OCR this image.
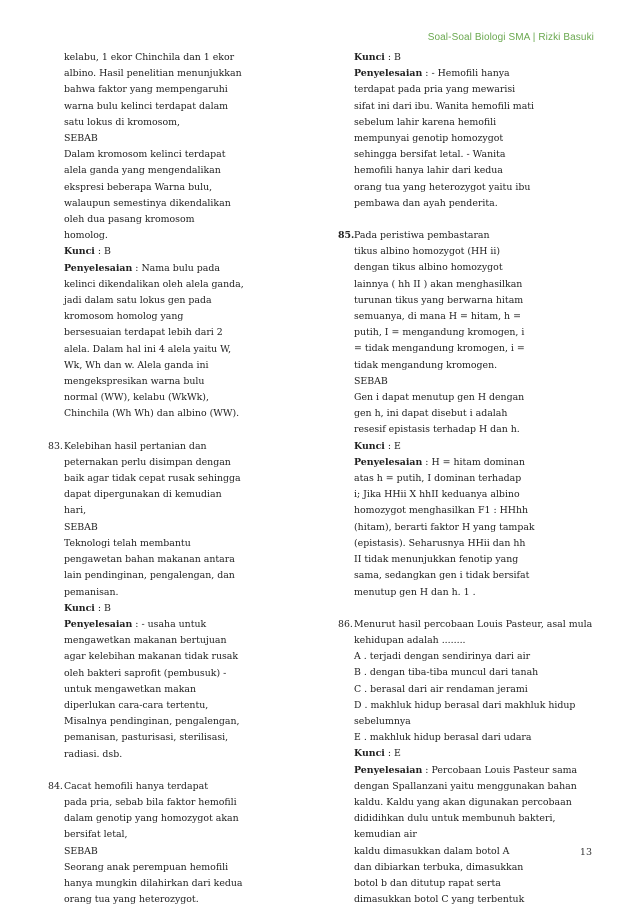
Soal-Soal Biologi SMA | Rizki Basuki
kelabu, 1 ekor Chinchila dan 1 ekor
albino. Hasil penelitian menunjukkan
bahwa faktor yang mempengaruhi
warna bulu kelinci terdapat dalam
satu lokus di kromosom,
SEBAB
Dalam kromosom kelinci terdapat
alela ganda yang mengendalikan
ekspresi beberapa Warna bulu,
walaupun semestinya dikendalikan
oleh dua pasang kromosom
homolog.
Kunci : B
Penyelesaian : Nama bulu pada
kelinci dikendalikan oleh alela ganda,
jadi dalam satu lokus gen pada
kromosom homolog yang
bersesuaian terdapat lebih dari 2
alela. Dalam hal ini 4 alela yaitu W,
Wk, Wh dan w. Alela ganda ini
mengekspresikan warna bulu
normal (WW), kelabu (WkWk),
Chinchila (Wh Wh) dan albino (WW).
83. Kelebihan hasil pertanian dan
peternakan perlu disimpan dengan
baik agar tidak cepat rusak sehingga
dapat dipergunakan di kemudian
hari,
SEBAB
Teknologi telah membantu
pengawetan bahan makanan antara
lain pendinginan, pengalengan, dan
pemanisan.
Kunci : B
Penyelesaian : - usaha untuk
mengawetkan makanan bertujuan
agar kelebihan makanan tidak rusak
oleh bakteri saprofit (pembusuk) -
untuk mengawetkan makan
diperlukan cara-cara tertentu,
Misalnya pendinginan, pengalengan,
pemanisan, pasturisasi, sterilisasi,
radiasi. dsb.
84. Cacat hemofili hanya terdapat
pada pria, sebab bila faktor hemofili
dalam genotip yang homozygot akan
bersifat letal,
SEBAB
Seorang anak perempuan hemofili
hanya mungkin dilahirkan dari kedua
orang tua yang heterozygot.
Kunci : B
Penyelesaian : - Hemofili hanya
terdapat pada pria yang mewarisi
sifat ini dari ibu. Wanita hemofili mati
sebelum lahir karena hemofili
mempunyai genotip homozygot
sehingga bersifat letal. - Wanita
hemofili hanya lahir dari kedua
orang tua yang heterozygot yaitu ibu
pembawa dan ayah penderita.
85. Pada peristiwa pembastaran
tikus albino homozygot (HH ii)
dengan tikus albino homozygot
lainnya ( hh II ) akan menghasilkan
turunan tikus yang berwarna hitam
semuanya, di mana H = hitam, h =
putih, I = mengandung kromogen, i
= tidak mengandung kromogen, i =
tidak mengandung kromogen.
SEBAB
Gen i dapat menutup gen H dengan
gen h, ini dapat disebut i adalah
resesif epistasis terhadap H dan h.
Kunci : E
Penyelesaian : H = hitam dominan
atas h = putih, I dominan terhadap
i; Jika HHii X hhII keduanya albino
homozygot menghasilkan F1 : HHhh
(hitam), berarti faktor H yang tampak
(epistasis). Seharusnya HHii dan hh
II tidak menunjukkan fenotip yang
sama, sedangkan gen i tidak bersifat
menutup gen H dan h. 1 .
86. Menurut hasil percobaan Louis Pasteur, asal mula
kehidupan adalah ........
A . terjadi dengan sendirinya dari air
B . dengan tiba-tiba muncul dari tanah
C . berasal dari air rendaman jerami
D . makhluk hidup berasal dari makhluk hidup
sebelumnya
E . makhluk hidup berasal dari udara
Kunci : E
Penyelesaian : Percobaan Louis Pasteur sama
dengan Spallanzani yaitu menggunakan bahan
kaldu. Kaldu yang akan digunakan percobaan
dididihkan dulu untuk membunuh bakteri,
kemudian air
kaldu dimasukkan dalam botol A
dan dibiarkan terbuka, dimasukkan
botol b dan ditutup rapat serta
dimasukkan botol C yang terbentuk
13
